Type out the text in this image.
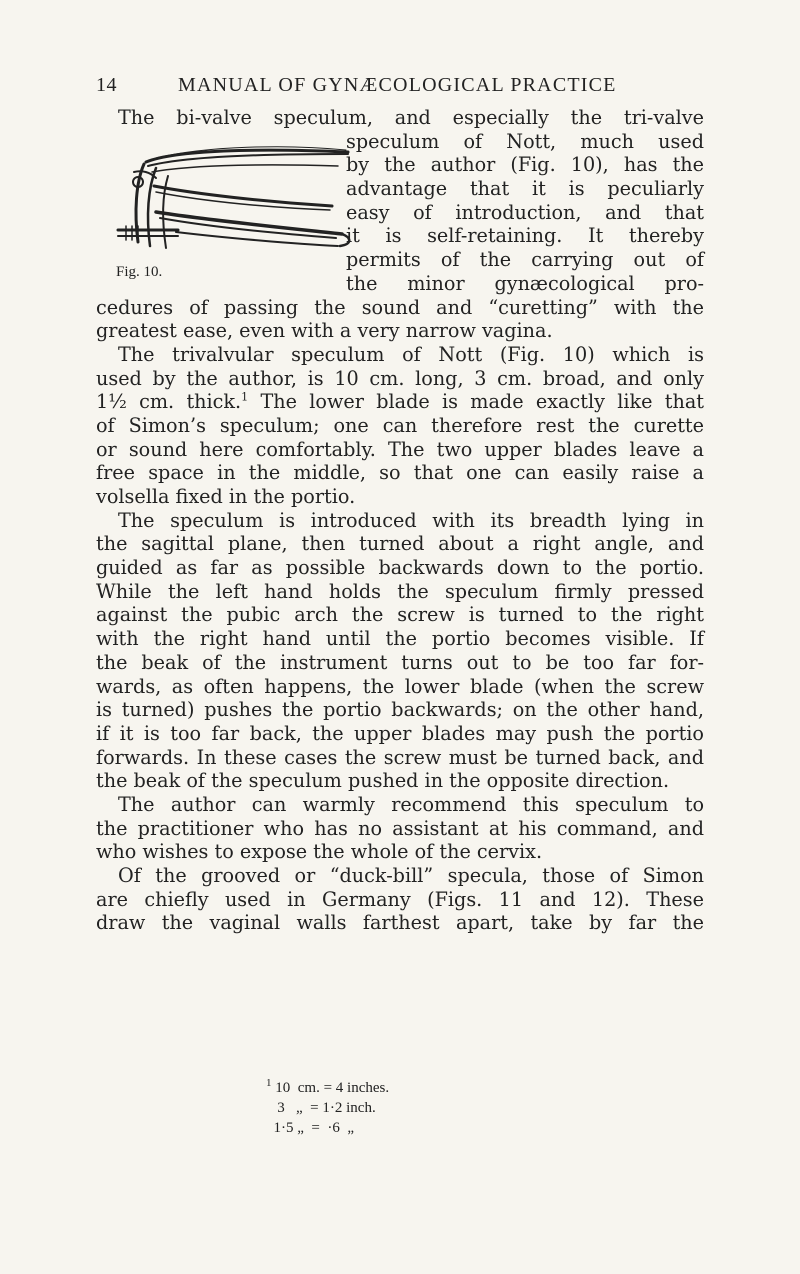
14	MANUAL OF GYNÆCOLOGICAL PRACTICE
Fig. 10.
The bi-valve speculum, and especially the tri-valve
speculum of Nott, much used
by the author (Fig. 10), has the
advantage that it is peculiarly
easy of introduction, and that
it is self-retaining. It thereby
permits of the carrying out of
the minor gynæcological pro-
cedures of passing the sound and “curetting” with the
greatest ease, even with a very narrow vagina.
The trivalvular speculum of Nott (Fig. 10) which is
used by the author, is 10 cm. long, 3 cm. broad, and only
1½ cm. thick.$^1$ The lower blade is made exactly like that
of Simon’s speculum; one can therefore rest the curette
or sound here comfortably. The two upper blades leave a
free space in the middle, so that one can easily raise a
volsella fixed in the portio.
The speculum is introduced with its breadth lying in
the sagittal plane, then turned about a right angle, and
guided as far as possible backwards down to the portio.
While the left hand holds the speculum firmly pressed
against the pubic arch the screw is turned to the right
with the right hand until the portio becomes visible. If
the beak of the instrument turns out to be too far for-
wards, as often happens, the lower blade (when the screw
is turned) pushes the portio backwards; on the other hand,
if it is too far back, the upper blades may push the portio
forwards. In these cases the screw must be turned back, and
the beak of the speculum pushed in the opposite direction.
The author can warmly recommend this speculum to
the practitioner who has no assistant at his command, and
who wishes to expose the whole of the cervix.
Of the grooved or “duck-bill” specula, those of Simon
are chiefly used in Germany (Figs. 11 and 12). These
draw the vaginal walls farthest apart, take by far the
$^1$ 10  cm. = 4 inches.
3   „  = 1·2 inch.
1·5 „  =  ·6  „
